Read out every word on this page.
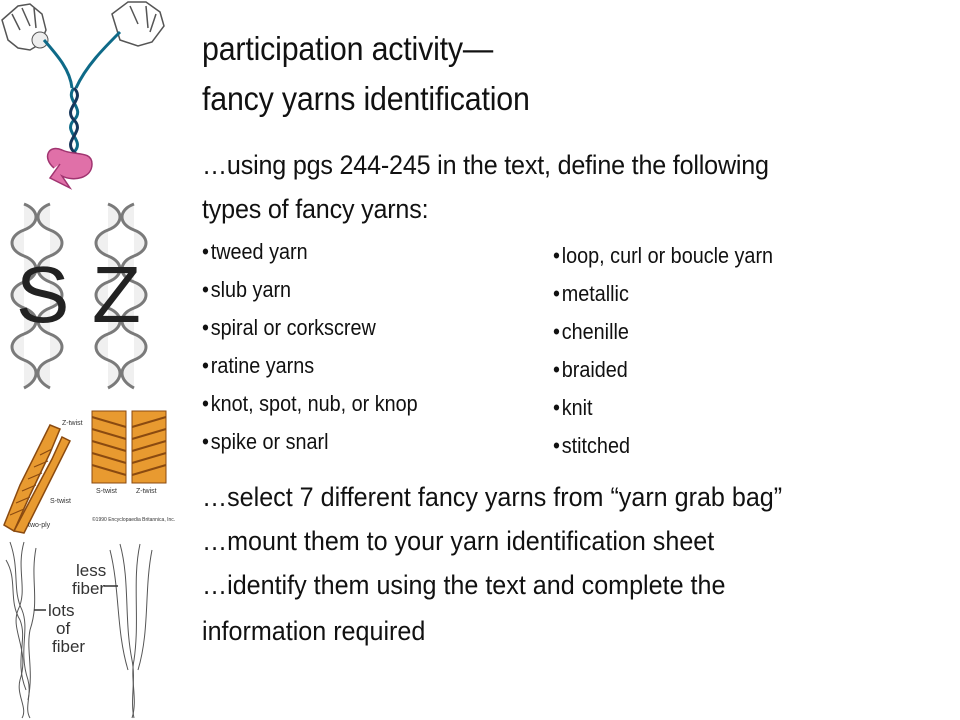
S Z
Z-twist
S-twist
two-ply
S-twist	Z-twist
©1990 Encyclopaedia Britannica, Inc.
less
fiber
lots
of
fiber
participation activity—
fancy yarns identification
…using pgs 244-245 in the text, define the following
types of fancy yarns:
• tweed yarn
• slub yarn
• spiral or corkscrew
• ratine yarns
• knot, spot, nub, or knop
• spike or snarl
• loop, curl or boucle yarn
• metallic
• chenille
• braided
• knit
• stitched
…select 7 different fancy yarns from “yarn grab bag”
…mount them to your yarn identification sheet
…identify them using the text and complete the
information required
